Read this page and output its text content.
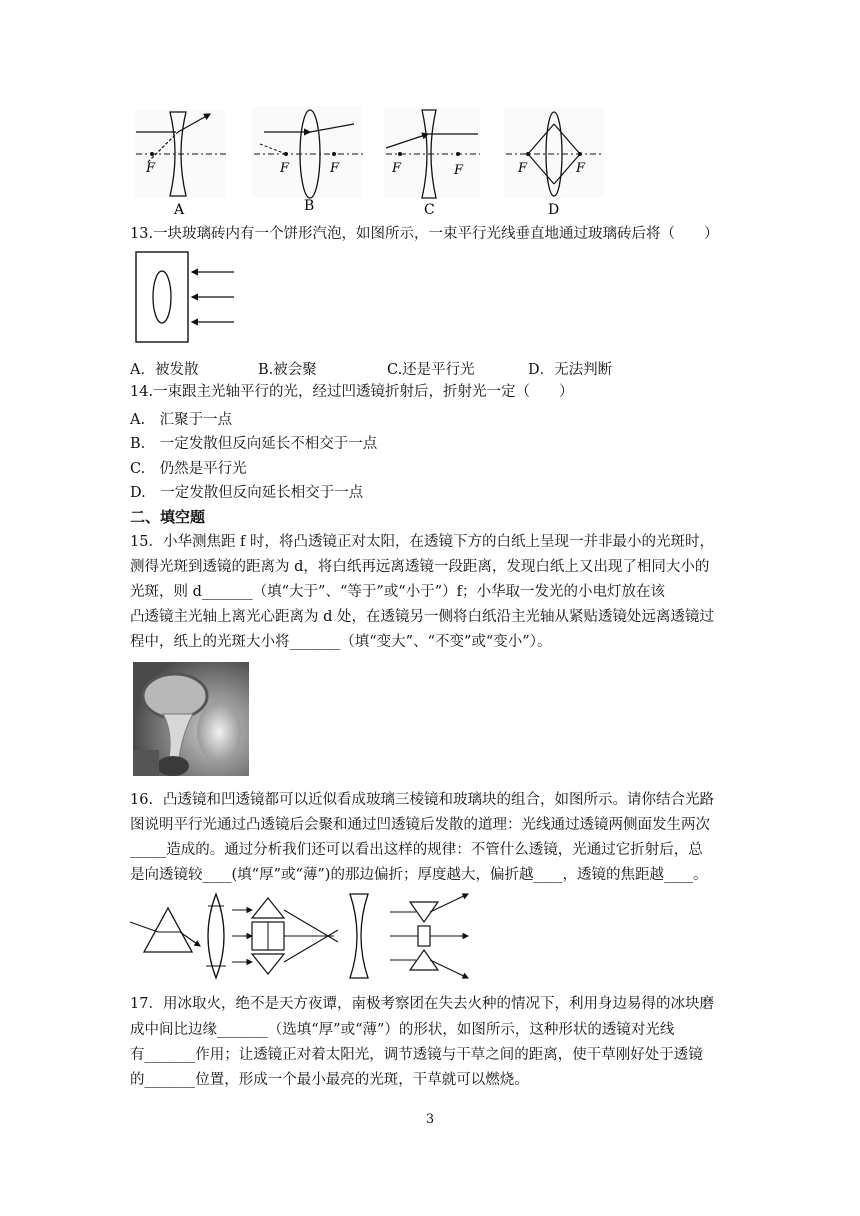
F
A
F	F
B
F	F
C
F	F
D
13.一块玻璃砖内有一个饼形汽泡，如图所示，一束平行光线垂直地通过玻璃砖后将（　　）
A．被发散	B.被会聚	C.还是平行光	D．无法判断
14.一束跟主光轴平行的光，经过凹透镜折射后，折射光一定（　　）
A.　汇聚于一点
B.　一定发散但反向延长不相交于一点
C.　仍然是平行光
D.　一定发散但反向延长相交于一点
二、填空题
15．小华测焦距 f 时，将凸透镜正对太阳，在透镜下方的白纸上呈现一并非最小的光斑时，
测得光斑到透镜的距离为 d，将白纸再远离透镜一段距离，发现白纸上又出现了相同大小的
光斑，则 d_______（填“大于”、“等于”或“小于”）f；小华取一发光的小电灯放在该
凸透镜主光轴上离光心距离为 d 处，在透镜另一侧将白纸沿主光轴从紧贴透镜处远离透镜过
程中，纸上的光斑大小将_______（填“变大”、“不变”或“变小”）。
16．凸透镜和凹透镜都可以近似看成玻璃三棱镜和玻璃块的组合，如图所示。请你结合光路
图说明平行光通过凸透镜后会聚和通过凹透镜后发散的道理：光线通过透镜两侧面发生两次
_____造成的。通过分析我们还可以看出这样的规律：不管什么透镜，光通过它折射后，总
是向透镜较____(填“厚”或“薄”)的那边偏折；厚度越大，偏折越____，透镜的焦距越____。
17．用冰取火，绝不是天方夜谭，南极考察团在失去火种的情况下，利用身边易得的冰块磨
成中间比边缘_______（选填“厚”或“薄”）的形状，如图所示，这种形状的透镜对光线
有_______作用；让透镜正对着太阳光，调节透镜与干草之间的距离，使干草刚好处于透镜
的_______位置，形成一个最小最亮的光斑，干草就可以燃烧。
3
